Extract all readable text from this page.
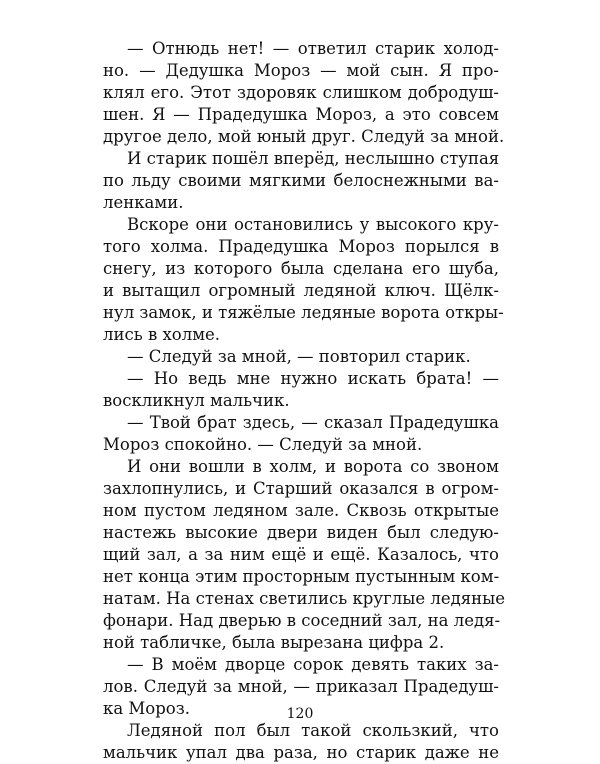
— Отнюдь нет! — ответил старик холод-
но. — Дедушка Мороз — мой сын. Я про-
клял его. Этот здоровяк слишком добродуш-
шен. Я — Прадедушка Мороз, а это совсем
другое дело, мой юный друг. Следуй за мной.
И старик пошёл вперёд, неслышно ступая
по льду своими мягкими белоснежными ва-
ленками.
Вскоре они остановились у высокого кру-
того холма. Прадедушка Мороз порылся в
снегу, из которого была сделана его шуба,
и вытащил огромный ледяной ключ. Щёлк-
нул замок, и тяжёлые ледяные ворота откры-
лись в холме.
— Следуй за мной, — повторил старик.
— Но ведь мне нужно искать брата! —
воскликнул мальчик.
— Твой брат здесь, — сказал Прадедушка
Мороз спокойно. — Следуй за мной.
И они вошли в холм, и ворота со звоном
захлопнулись, и Старший оказался в огром-
ном пустом ледяном зале. Сквозь открытые
настежь высокие двери виден был следую-
щий зал, а за ним ещё и ещё. Казалось, что
нет конца этим просторным пустынным ком-
натам. На стенах светились круглые ледяные
фонари. Над дверью в соседний зал, на ледя-
ной табличке, была вырезана цифра 2.
— В моём дворце сорок девять таких за-
лов. Следуй за мной, — приказал Прадедуш-
ка Мороз.
Ледяной пол был такой скользкий, что
мальчик упал два раза, но старик даже не
120
